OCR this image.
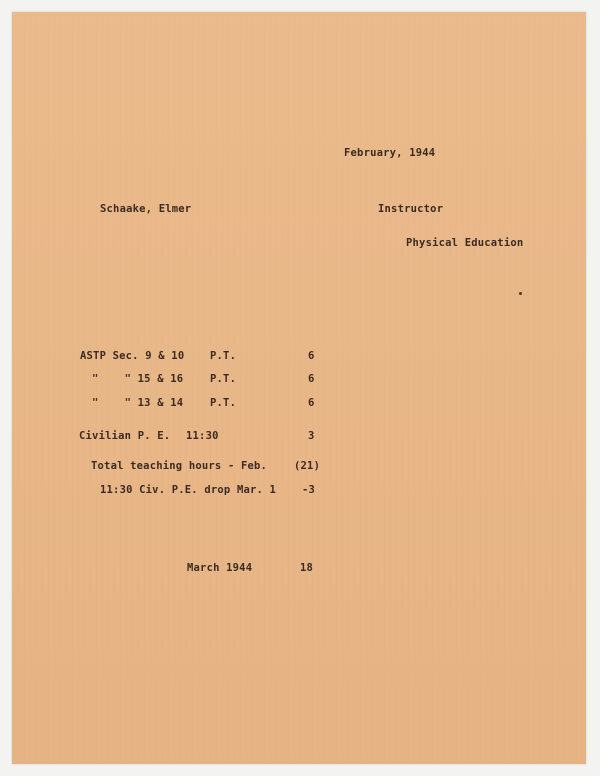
February, 1944
Schaake, Elmer	Instructor
Physical Education
ASTP Sec. 9 & 10 P.T.	6
"    " 15 & 16	P.T.	6
"    " 13 & 14	P.T.	6
Civilian P. E. 11:30	3
Total teaching hours - Feb.	(21)
11:30 Civ. P.E. drop Mar. 1 -3
March 1944	18
